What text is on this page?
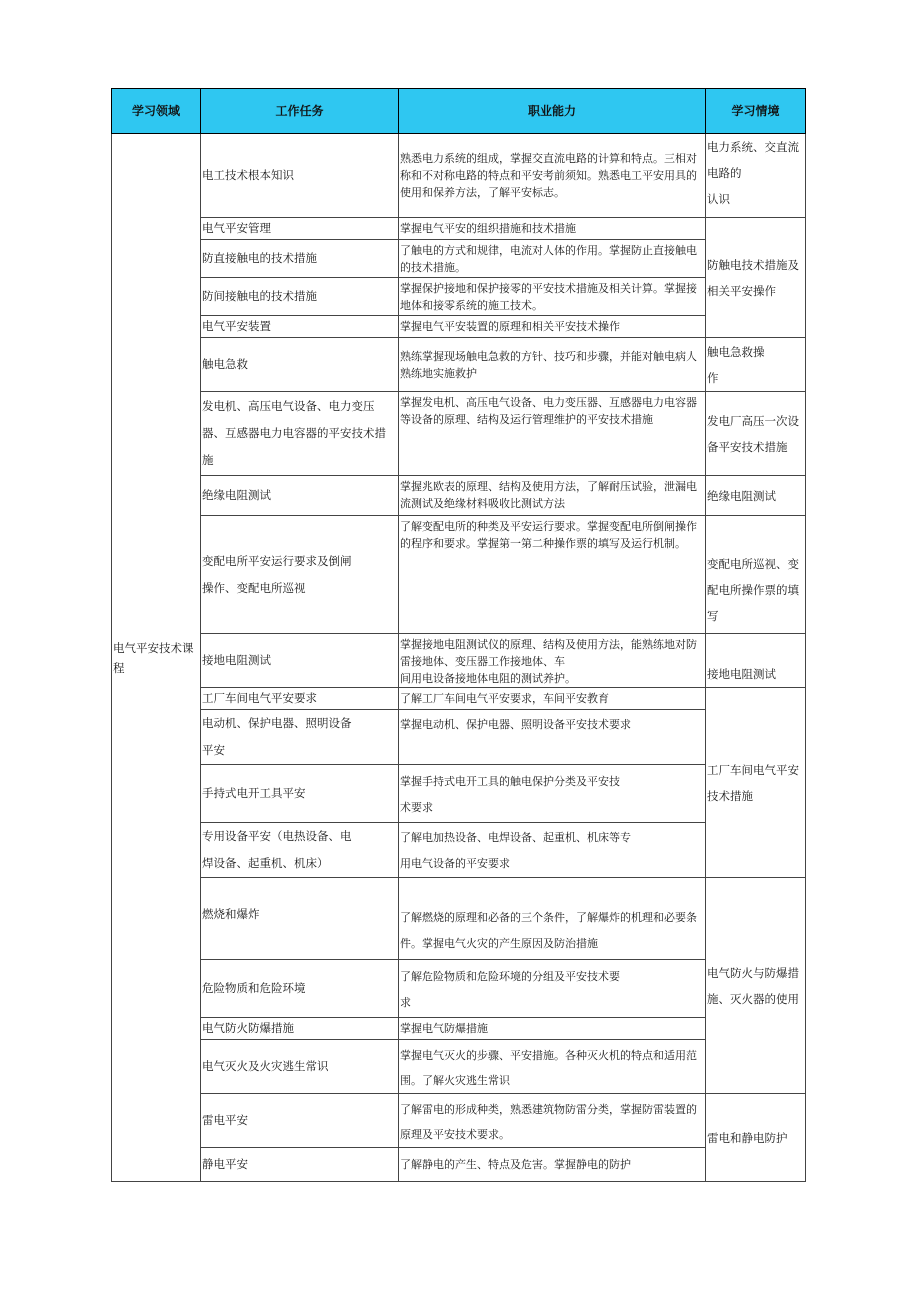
学习领域	工作任务	职业能力	学习情境
电气平安技术课程	电工技术根本知识	熟悉电力系统的组成，掌握交直流电路的计算和特点。三相对称和不对称电路的特点和平安考前须知。熟悉电工平安用具的使用和保养方法，了解平安标志。	电力系统、交直流电路的
认识
	电气平安管理	掌握电气平安的组织措施和技术措施	防触电技术措施及相关平安操作
	防直接触电的技术措施	了触电的方式和规律，电流对人体的作用。掌握防止直接触电的技术措施。	
	防间接触电的技术措施	掌握保护接地和保护接零的平安技术措施及相关计算。掌握接地体和接零系统的施工技术。	
	电气平安装置	掌握电气平安装置的原理和相关平安技术操作	
	触电急救	熟练掌握现场触电急救的方针、技巧和步骤，并能对触电病人熟练地实施救护	触电急救操
作
	发电机、高压电气设备、电力变压器、互感器电力电容器的平安技术措施	掌握发电机、高压电气设备、电力变压器、互感器电力电容器等设备的原理、结构及运行管理维护的平安技术措施	发电厂高压一次设备平安技术措施
	绝缘电阻测试	掌握兆欧表的原理、结构及使用方法，了解耐压试验，泄漏电流测试及绝缘材料吸收比测试方法	绝缘电阻测试
	变配电所平安运行要求及倒闸
操作、变配电所巡视	了解变配电所的种类及平安运行要求。掌握变配电所倒闸操作的程序和要求。掌握第一第二种操作票的填写及运行机制。	变配电所巡视、变配电所操作票的填写
	接地电阻测试	掌握接地电阻测试仪的原理、结构及使用方法，能熟练地对防雷接地体、变压器工作接地体、车
间用电设备接地体电阻的测试养护。	接地电阻测试
	工厂车间电气平安要求	了解工厂车间电气平安要求，车间平安教育	工厂车间电气平安技术措施
	电动机、保护电器、照明设备
平安	掌握电动机、保护电器、照明设备平安技术要求	
	手持式电开工具平安	掌握手持式电开工具的触电保护分类及平安技
术要求	
	专用设备平安（电热设备、电
焊设备、起重机、机床）	了解电加热设备、电焊设备、起重机、机床等专
用电气设备的平安要求	
	燃烧和爆炸	了解燃烧的原理和必备的三个条件，了解爆炸的机理和必要条件。掌握电气火灾的产生原因及防治措施	电气防火与防爆措施、灭火器的使用
	危险物质和危险环境	了解危险物质和危险环境的分组及平安技术要
求	
	电气防火防爆措施	掌握电气防爆措施	
	电气灭火及火灾逃生常识	掌握电气灭火的步骤、平安措施。各种灭火机的特点和适用范围。了解火灾逃生常识	
	雷电平安	了解雷电的形成种类，熟悉建筑物防雷分类，掌握防雷装置的原理及平安技术要求。	雷电和静电防护
	静电平安	了解静电的产生、特点及危害。掌握静电的防护	
